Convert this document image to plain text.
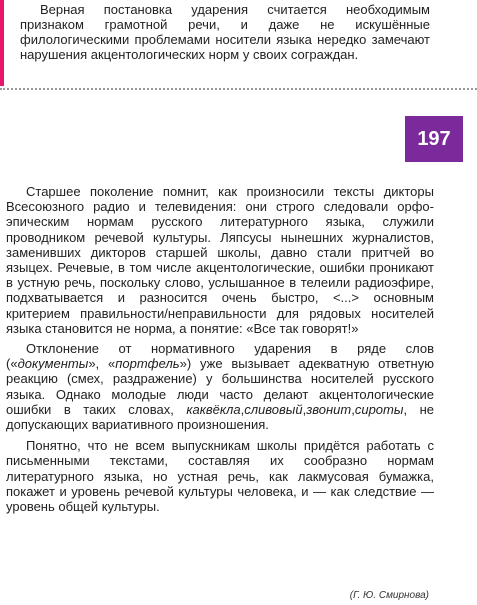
Верная постановка ударения считается необходимым признаком грамотной речи, и даже не искушённые филологическими проблемами носители языка нередко замечают нарушения акцентологических норм у своих сограждан.

197

Старшее поколение помнит, как произносили тексты дикторы Всесоюзного радио и телевидения: они строго следовали орфо-эпическим нормам русского литературного языка, служили проводником речевой культуры. Ляпсусы нынешних журналистов, заменивших дикторов старшей школы, давно стали притчей во языцех. Речевые, в том числе акцентологические, ошибки проникают в устную речь, поскольку слово, услышанное в телеили радиоэфире, подхватывается и разносится очень быстро, <...> основным критерием правильности/неправильности для рядовых носителей языка становится не норма, а понятие: «Все так говорят!»

Отклонение от нормативного ударения в ряде слов («документы», «портфель») уже вызывает адекватную ответную реакцию (смех, раздражение) у большинства носителей русского языка. Однако молодые люди часто делают акцентологические ошибки в таких словах, каквёкла,сливовый,звонит,сироты, не допускающих вариативного произношения.

Понятно, что не всем выпускникам школы придётся работать с письменными текстами, составляя их сообразно нормам литературного языка, но устная речь, как лакмусовая бумажка, покажет и уровень речевой культуры человека, и — как следствие — уровень общей культуры.

(Г. Ю. Смирнова)
